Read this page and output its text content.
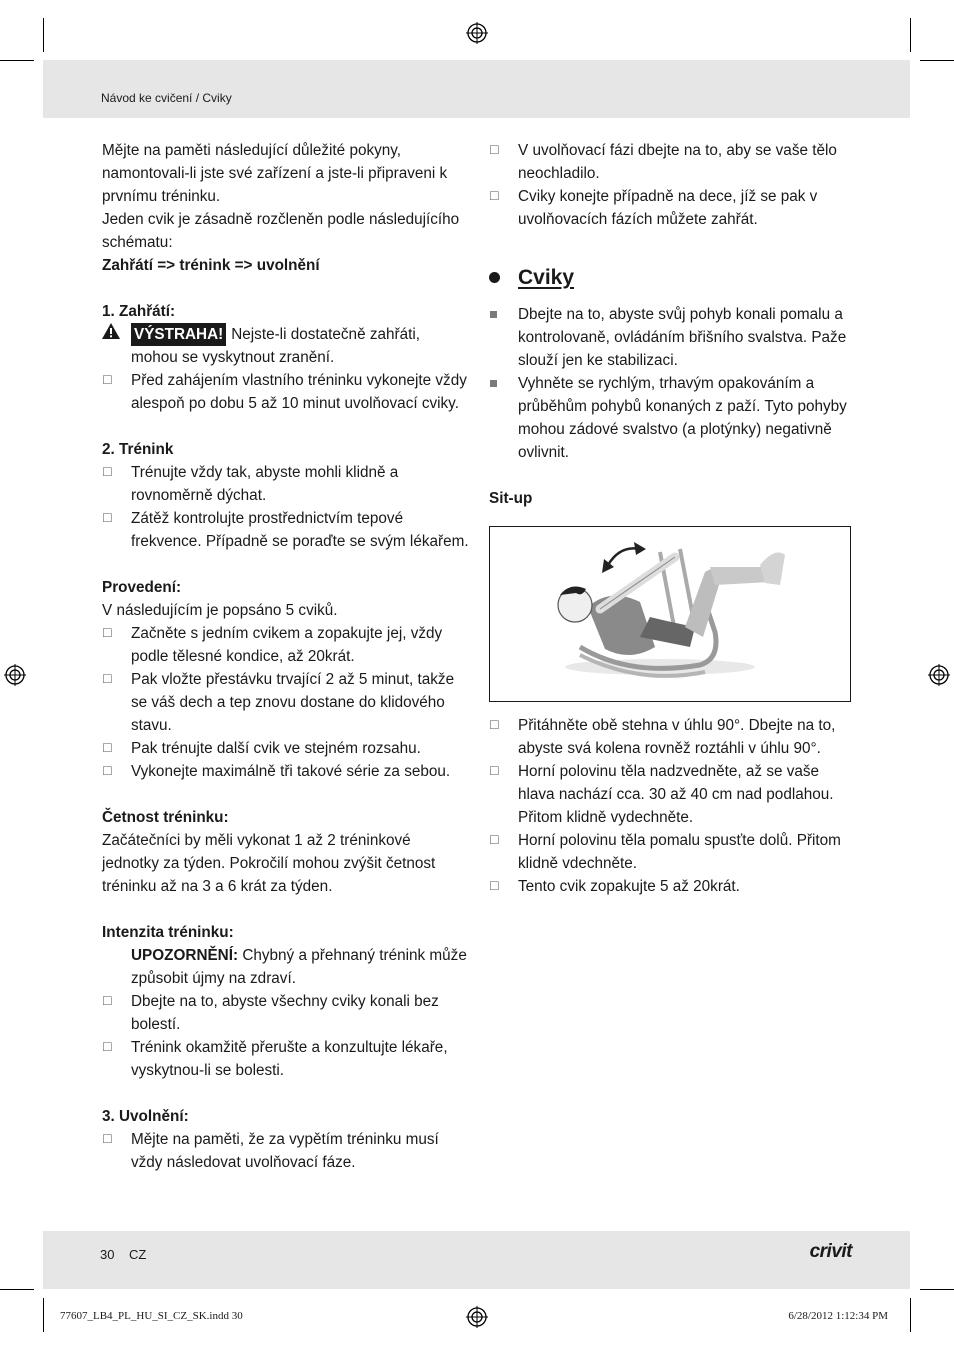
Návod ke cvičení / Cviky

Mějte na paměti následující důležité pokyny, namontovali-li jste své zařízení a jste-li připraveni k prvnímu tréninku.

Jeden cvik je zásadně rozčleněn podle následujícího schématu:

Zahřátí => trénink => uvolnění

1. Zahřátí:

VÝSTRAHA! Nejste-li dostatečně zahřáti,

mohou se vyskytnout zranění.

☐ Před zahájením vlastního tréninku vykonejte vždy alespoň po dobu 5 až 10 minut uvolňovací cviky.

2. Trénink

☐ Trénujte vždy tak, abyste mohli klidně a rovnoměrně dýchat.
☐ Zátěž kontrolujte prostřednictvím tepové frekvence. Případně se poraďte se svým lékařem.

Provedení:

V následujícím je popsáno 5 cviků.

☐ Začněte s jedním cvikem a zopakujte jej, vždy podle tělesné kondice, až 20krát.
☐ Pak vložte přestávku trvající 2 až 5 minut, takže se váš dech a tep znovu dostane do klidového stavu.
☐ Pak trénujte další cvik ve stejném rozsahu.
☐ Vykonejte maximálně tři takové série za sebou.

Četnost tréninku:

Začátečníci by měli vykonat 1 až 2 tréninkové jednotky za týden. Pokročilí mohou zvýšit četnost tréninku až na 3 a 6 krát za týden.

Intenzita tréninku:

UPOZORNĚNÍ: Chybný a přehnaný trénink může způsobit újmy na zdraví.

☐ Dbejte na to, abyste všechny cviky konali bez bolestí.
☐ Trénink okamžitě přerušte a konzultujte lékaře, vyskytnou-li se bolesti.

3. Uvolnění:

☐ Mějte na paměti, že za vypětím tréninku musí vždy následovat uvolňovací fáze.
☐ V uvolňovací fázi dbejte na to, aby se vaše tělo neochladilo.
☐ Cviky konejte případně na dece, jíž se pak v uvolňovacích fázích můžete zahřát.
Cviky
Dbejte na to, abyste svůj pohyb konali pomalu a kontrolovaně, ovládáním břišního svalstva. Paže slouží jen ke stabilizaci.
Vyhněte se rychlým, trhavým opakováním a průběhům pohybů konaných z paží. Tyto pohyby mohou zádové svalstvo (a plotýnky) negativně ovlivnit.

Sit-up

☐ Přitáhněte obě stehna v úhlu 90°. Dbejte na to, abyste svá kolena rovněž roztáhli v úhlu 90°.
☐ Horní polovinu těla nadzvedněte, až se vaše hlava nachází cca. 30 až 40 cm nad podlahou. Přitom klidně vydechněte.
☐ Horní polovinu těla pomalu spusťte dolů. Přitom klidně vdechněte.
☐ Tento cvik zopakujte 5 až 20krát.
30 CZ	crivit
77607_LB4_PL_HU_SI_CZ_SK.indd 30	6/28/2012 1:12:34 PM
